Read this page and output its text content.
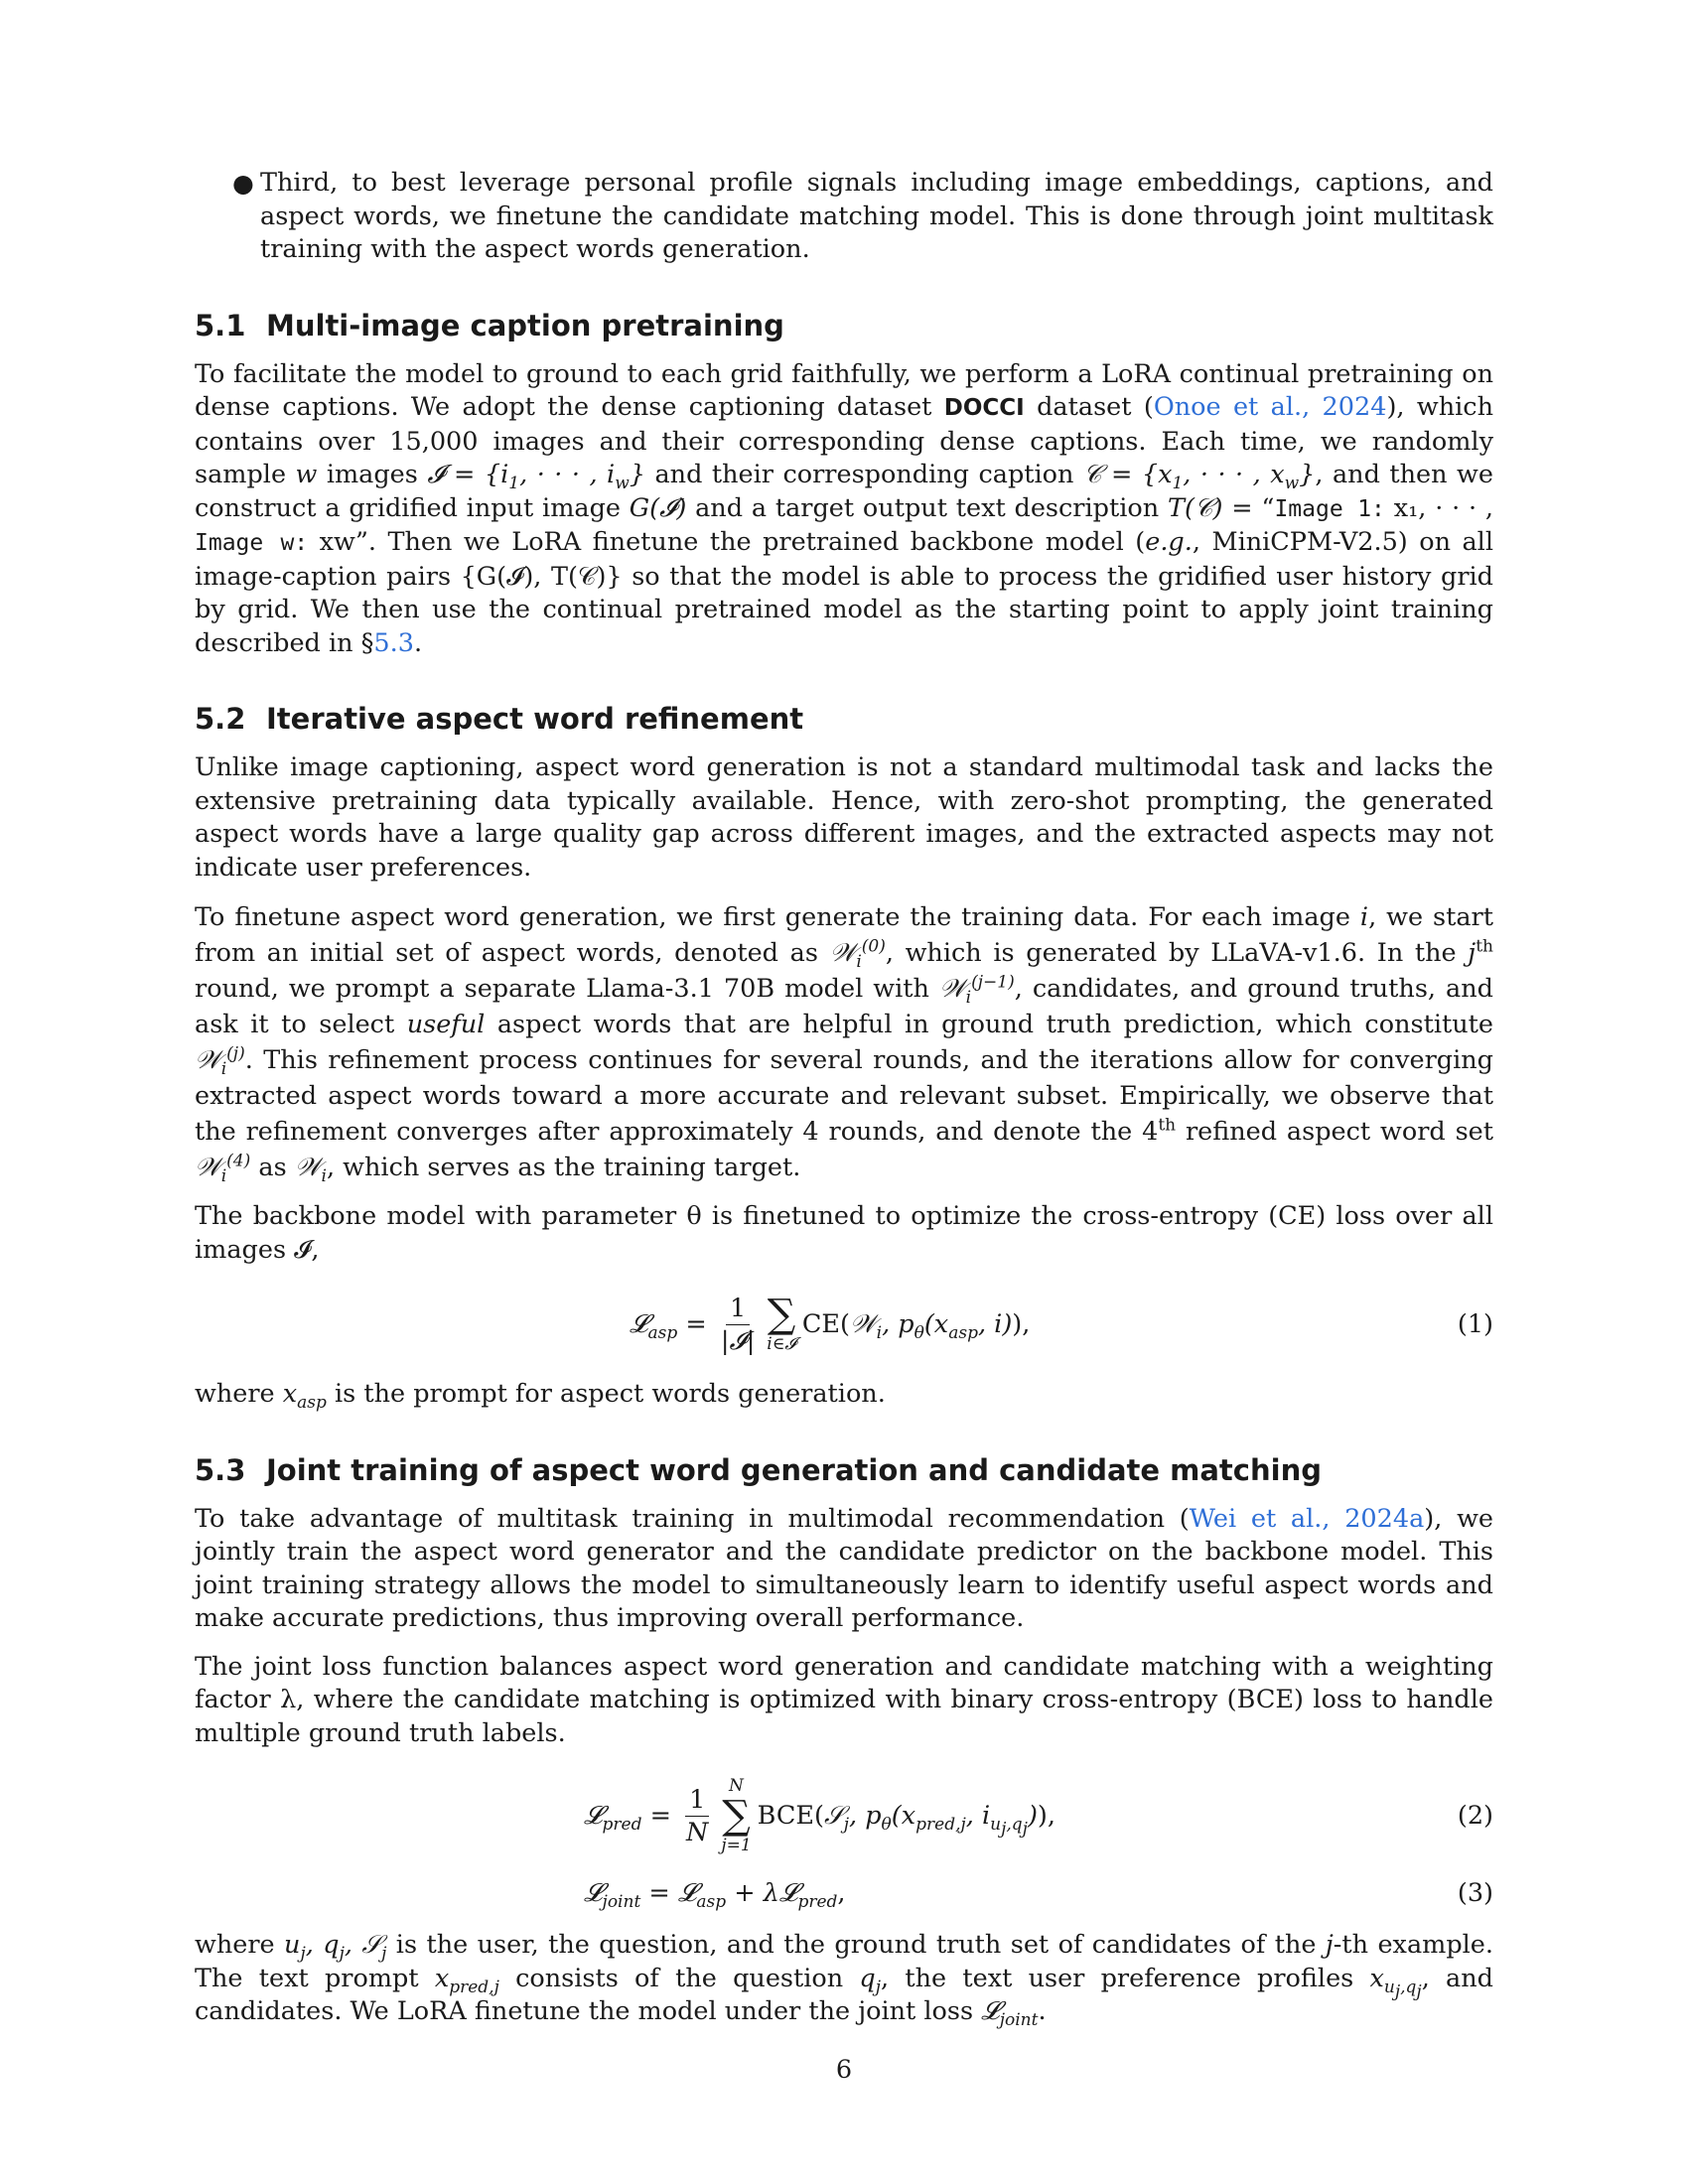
● Third, to best leverage personal profile signals including image embeddings, captions, and aspect words, we finetune the candidate matching model. This is done through joint multitask training with the aspect words generation.

5.1 Multi-image caption pretraining

To facilitate the model to ground to each grid faithfully, we perform a LoRA continual pretraining on dense captions. We adopt the dense captioning dataset DOCCI dataset (Onoe et al., 2024), which contains over 15,000 images and their corresponding dense captions. Each time, we randomly sample w images 𝓘 = {$i_1$, · · · , $i_w$} and their corresponding caption 𝒞 = {$x_1$, · · · , $x_w$}, and then we construct a gridified input image G(𝓘) and a target output text description T(𝒞) = “Image 1: x₁, · · · , Image w: xw”. Then we LoRA finetune the pretrained backbone model (e.g., MiniCPM-V2.5) on all image-caption pairs {G(𝓘), T(𝒞)} so that the model is able to process the gridified user history grid by grid. We then use the continual pretrained model as the starting point to apply joint training described in §5.3.

5.2 Iterative aspect word refinement

Unlike image captioning, aspect word generation is not a standard multimodal task and lacks the extensive pretraining data typically available. Hence, with zero-shot prompting, the generated aspect words have a large quality gap across different images, and the extracted aspects may not indicate user preferences.

To finetune aspect word generation, we first generate the training data. For each image i, we start from an initial set of aspect words, denoted as 𝒲$_i^{(0)}$, which is generated by LLaVA-v1.6. In the $j^{th}$ round, we prompt a separate Llama-3.1 70B model with 𝒲$_i^{(j-1)}$, candidates, and ground truths, and ask it to select useful aspect words that are helpful in ground truth prediction, which constitute 𝒲$_i^{(j)}$. This refinement process continues for several rounds, and the iterations allow for converging extracted aspect words toward a more accurate and relevant subset. Empirically, we observe that the refinement converges after approximately 4 rounds, and denote the 4th refined aspect word set 𝒲$_i^{(4)}$ as 𝒲$_i$, which serves as the training target.

The backbone model with parameter θ is finetuned to optimize the cross-entropy (CE) loss over all images 𝓘,

𝓛$_{asp}$ = $\frac{1}{\text{|𝓘|}}$ ∑
i∈𝓘
CE( 𝒲$_i$, $p_\theta(x_{asp}$, i) ),	(1)

where $x_{asp}$ is the prompt for aspect words generation.

5.3 Joint training of aspect word generation and candidate matching

To take advantage of multitask training in multimodal recommendation (Wei et al., 2024a), we jointly train the aspect word generator and the candidate predictor on the backbone model. This joint training strategy allows the model to simultaneously learn to identify useful aspect words and make accurate predictions, thus improving overall performance.

The joint loss function balances aspect word generation and candidate matching with a weighting factor λ, where the candidate matching is optimized with binary cross-entropy (BCE) loss to handle multiple ground truth labels.

𝓛$_{pred}$ = $\frac{1}{N}$ N
∑
j=1
BCE( 𝒮$_j$, $p_\theta(x_{pred,j}$, $i_{u_j,q_j}$) ),	(2)
𝓛$_{joint}$ = 𝓛$_{asp}$ + λ𝓛$_{pred}$ ,	(3)

where $u_j$, $q_j$, 𝒮$_j$ is the user, the question, and the ground truth set of candidates of the j-th example. The text prompt $x_{pred,j}$ consists of the question $q_j$, the text user preference profiles $x_{u_j,q_j}$, and candidates. We LoRA finetune the model under the joint loss 𝓛$_{joint}$.

6
